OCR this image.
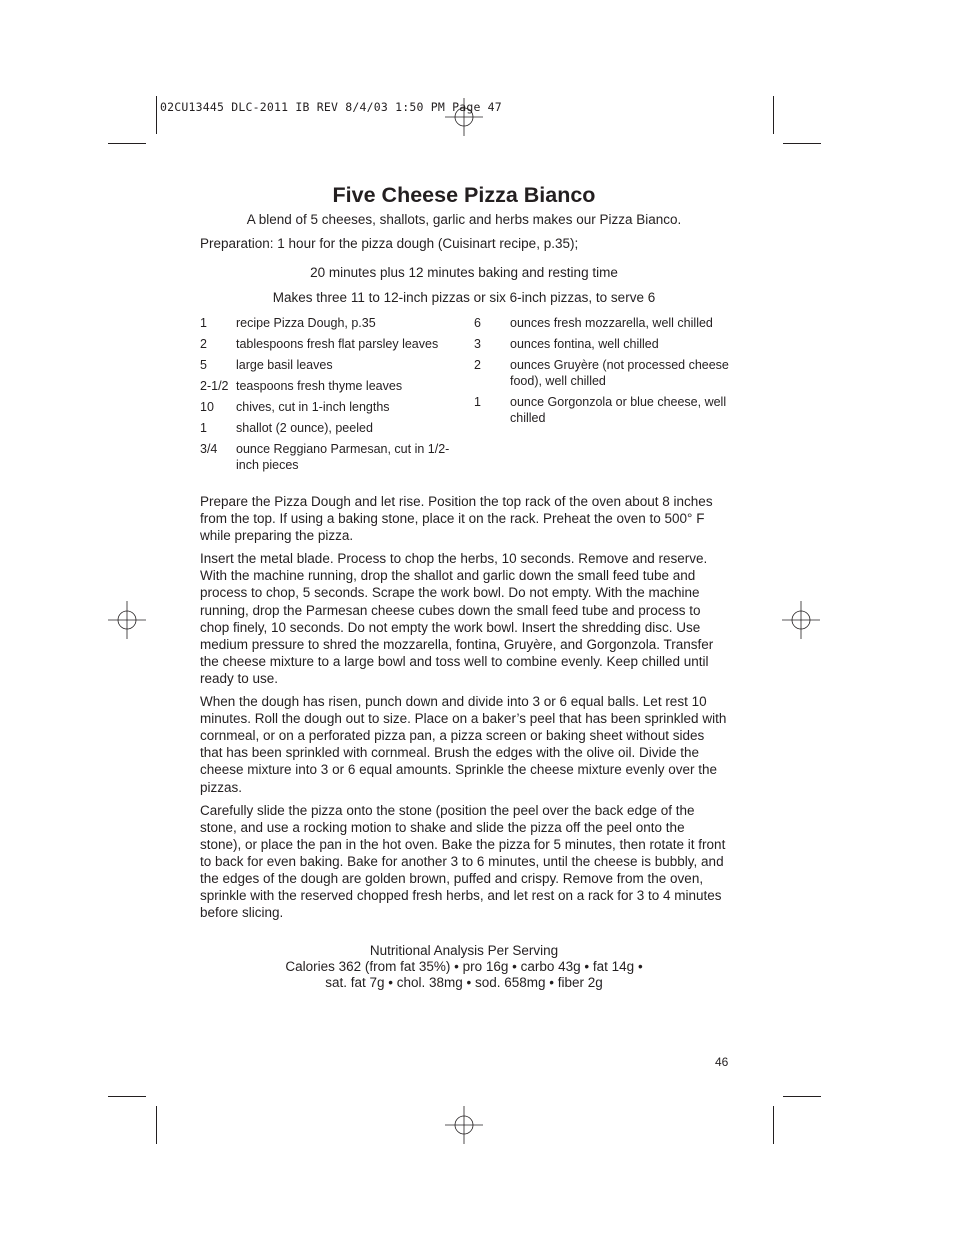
02CU13445 DLC-2011 IB REV 8/4/03 1:50 PM Page 47
Five Cheese Pizza Bianco
A blend of 5 cheeses, shallots, garlic and herbs makes our Pizza Bianco.
Preparation: 1 hour for the pizza dough (Cuisinart recipe, p.35);
20 minutes plus 12 minutes baking and resting time
Makes three 11 to 12-inch pizzas or six 6-inch pizzas, to serve 6
1	recipe Pizza Dough, p.35
2	tablespoons fresh flat parsley leaves
5	large basil leaves
2-1/2 teaspoons fresh thyme leaves
10	chives, cut in 1-inch lengths
1	shallot (2 ounce), peeled
3/4	ounce Reggiano Parmesan, cut in 1/2-inch pieces
6	ounces fresh mozzarella, well chilled
3	ounces fontina, well chilled
2	ounces Gruyère (not processed cheese food), well chilled
1	ounce Gorgonzola or blue cheese, well chilled

Prepare the Pizza Dough and let rise. Position the top rack of the oven about 8 inches from the top. If using a baking stone, place it on the rack. Preheat the oven to 500° F while preparing the pizza.

Insert the metal blade. Process to chop the herbs, 10 seconds. Remove and reserve. With the machine running, drop the shallot and garlic down the small feed tube and process to chop, 5 seconds. Scrape the work bowl. Do not empty. With the machine running, drop the Parmesan cheese cubes down the small feed tube and process to chop finely, 10 seconds. Do not empty the work bowl. Insert the shredding disc. Use medium pressure to shred the mozzarella, fontina, Gruyère, and Gorgonzola. Transfer the cheese mixture to a large bowl and toss well to combine evenly. Keep chilled until ready to use.

When the dough has risen, punch down and divide into 3 or 6 equal balls. Let rest 10 minutes. Roll the dough out to size. Place on a baker’s peel that has been sprinkled with cornmeal, or on a perforated pizza pan, a pizza screen or baking sheet without sides that has been sprinkled with cornmeal. Brush the edges with the olive oil. Divide the cheese mixture into 3 or 6 equal amounts. Sprinkle the cheese mixture evenly over the pizzas.

Carefully slide the pizza onto the stone (position the peel over the back edge of the stone, and use a rocking motion to shake and slide the pizza off the peel onto the stone), or place the pan in the hot oven. Bake the pizza for 5 minutes, then rotate it front to back for even baking. Bake for another 3 to 6 minutes, until the cheese is bubbly, and the edges of the dough are golden brown, puffed and crispy. Remove from the oven, sprinkle with the reserved chopped fresh herbs, and let rest on a rack for 3 to 4 minutes before slicing.

Nutritional Analysis Per Serving
Calories 362 (from fat 35%) • pro 16g • carbo 43g • fat 14g •
sat. fat 7g • chol. 38mg • sod. 658mg • fiber 2g
46
